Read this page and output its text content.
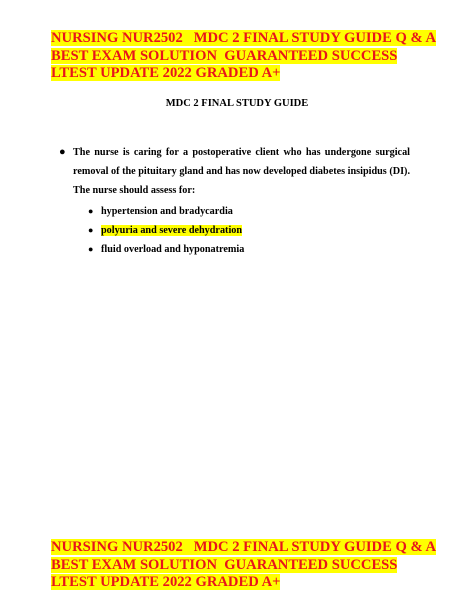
NURSING NUR2502   MDC 2 FINAL STUDY GUIDE Q & A
BEST EXAM SOLUTION  GUARANTEED SUCCESS
LTEST UPDATE 2022 GRADED A+
MDC 2 FINAL STUDY GUIDE
● The nurse is caring for a postoperative client who has undergone surgical removal of the pituitary gland and has now developed diabetes insipidus (DI). The nurse should assess for:

● hypertension and bradycardia
● polyuria and severe dehydration
● fluid overload and hyponatremia
NURSING NUR2502   MDC 2 FINAL STUDY GUIDE Q & A
BEST EXAM SOLUTION  GUARANTEED SUCCESS
LTEST UPDATE 2022 GRADED A+
